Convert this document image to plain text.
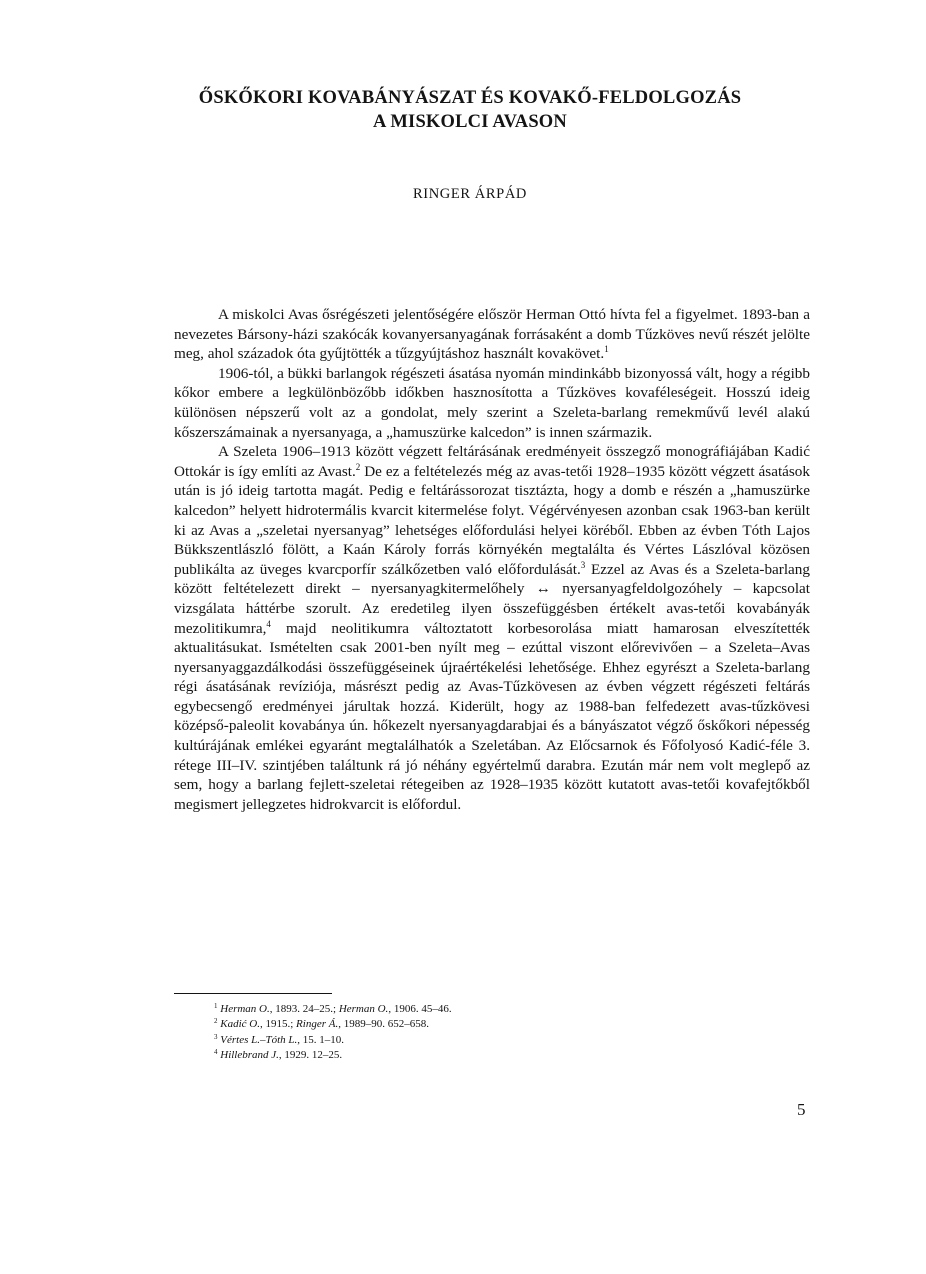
ŐSKŐKORI KOVABÁNYÁSZAT ÉS KOVAKŐ-FELDOLGOZÁS
A MISKOLCI AVASON
RINGER ÁRPÁD

A miskolci Avas ősrégészeti jelentőségére először Herman Ottó hívta fel a figyelmet. 1893-ban a nevezetes Bársony-házi szakócák kovanyersanyagának forrásaként a domb Tűzköves nevű részét jelölte meg, ahol századok óta gyűjtötték a tűzgyújtáshoz használt kovakövet.$^1$

1906-tól, a bükki barlangok régészeti ásatása nyomán mindinkább bizonyossá vált, hogy a régibb kőkor embere a legkülönbözőbb időkben hasznosította a Tűzköves kovaféleségeit. Hosszú ideig különösen népszerű volt az a gondolat, mely szerint a Szeleta-barlang remekművű levél alakú kőszerszámainak a nyersanyaga, a „hamuszürke kalcedon” is innen származik.

A Szeleta 1906–1913 között végzett feltárásának eredményeit összegző monográfiájában Kadić Ottokár is így említi az Avast.$^2$ De ez a feltételezés még az avas-tetői 1928–1935 között végzett ásatások után is jó ideig tartotta magát. Pedig e feltárássorozat tisztázta, hogy a domb e részén a „hamuszürke kalcedon” helyett hidrotermális kvarcit kitermelése folyt. Végérvényesen azonban csak 1963-ban került ki az Avas a „szeletai nyersanyag” lehetséges előfordulási helyei köréből. Ebben az évben Tóth Lajos Bükkszentlászló fölött, a Kaán Károly forrás környékén megtalálta és Vértes Lászlóval közösen publikálta az üveges kvarcporfír szálkőzetben való előfordulását.$^3$ Ezzel az Avas és a Szeleta-barlang között feltételezett direkt – nyersanyagkitermelőhely ↔ nyersanyagfeldolgozóhely – kapcsolat vizsgálata háttérbe szorult. Az eredetileg ilyen összefüggésben értékelt avas-tetői kovabányák mezolitikumra,$^4$ majd neolitikumra változtatott korbesorolása miatt hamarosan elveszítették aktualitásukat. Ismételten csak 2001-ben nyílt meg – ezúttal viszont előrevivően – a Szeleta–Avas nyersanyaggazdálkodási összefüggéseinek újraértékelési lehetősége. Ehhez egyrészt a Szeleta-barlang régi ásatásának revíziója, másrészt pedig az Avas-Tűzkövesen az évben végzett régészeti feltárás egybecsengő eredményei járultak hozzá. Kiderült, hogy az 1988-ban felfedezett avas-tűzkövesi középső-paleolit kovabánya ún. hőkezelt nyersanyagdarabjai és a bányászatot végző őskőkori népesség kultúrájának emlékei egyaránt megtalálhatók a Szeletában. Az Előcsarnok és Főfolyosó Kadić-féle 3. rétege III–IV. szintjében találtunk rá jó néhány egyértelmű darabra. Ezután már nem volt meglepő az sem, hogy a barlang fejlett-szeletai rétegeiben az 1928–1935 között kutatott avas-tetői kovafejtőkből megismert jellegzetes hidrokvarcit is előfordul.

$^1$ Herman O., 1893. 24–25.; Herman O., 1906. 45–46.
$^2$ Kadić O., 1915.; Ringer Á., 1989–90. 652–658.
$^3$ Vértes L.–Tóth L., 15. 1–10.
$^4$ Hillebrand J., 1929. 12–25.
5
